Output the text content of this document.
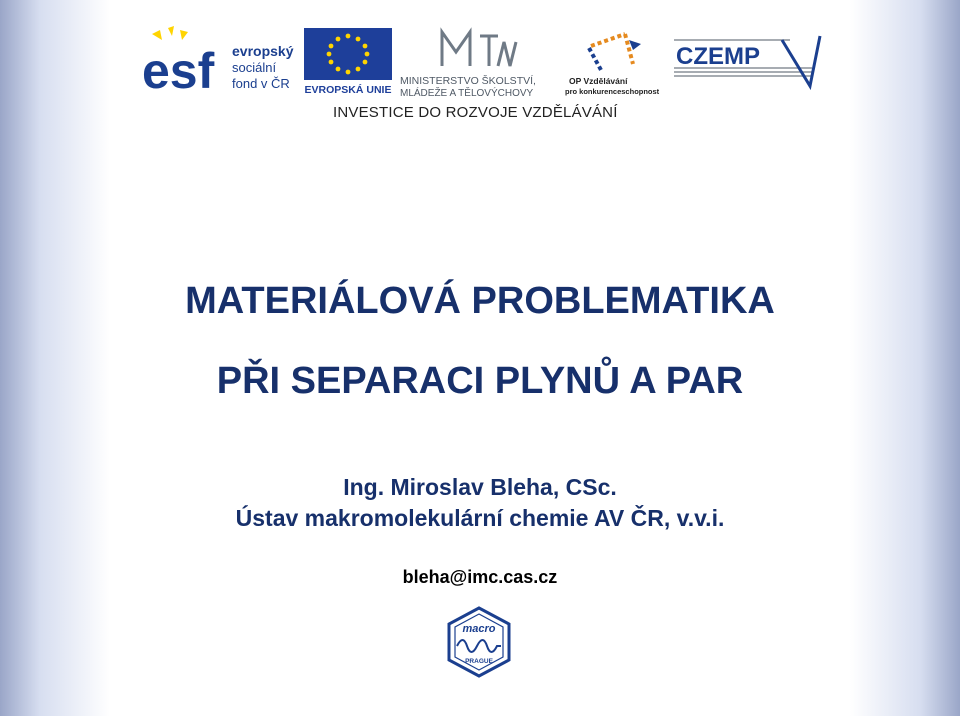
esf evropský
sociální
fond v ČR EVROPSKÁ UNIE
MINISTERSTVO ŠKOLSTVÍ,
MLÁDEŽE A TĚLOVÝCHOVY
OP Vzdělávání
pro konkurenceschopnost
CZEMP
INVESTICE DO ROZVOJE VZDĚLÁVÁNÍ
MATERIÁLOVÁ PROBLEMATIKA
PŘI SEPARACI PLYNŮ A PAR
Ing. Miroslav Bleha, CSc.
Ústav makromolekulární chemie AV ČR, v.v.i.
bleha@imc.cas.cz
macro
PRAGUE
